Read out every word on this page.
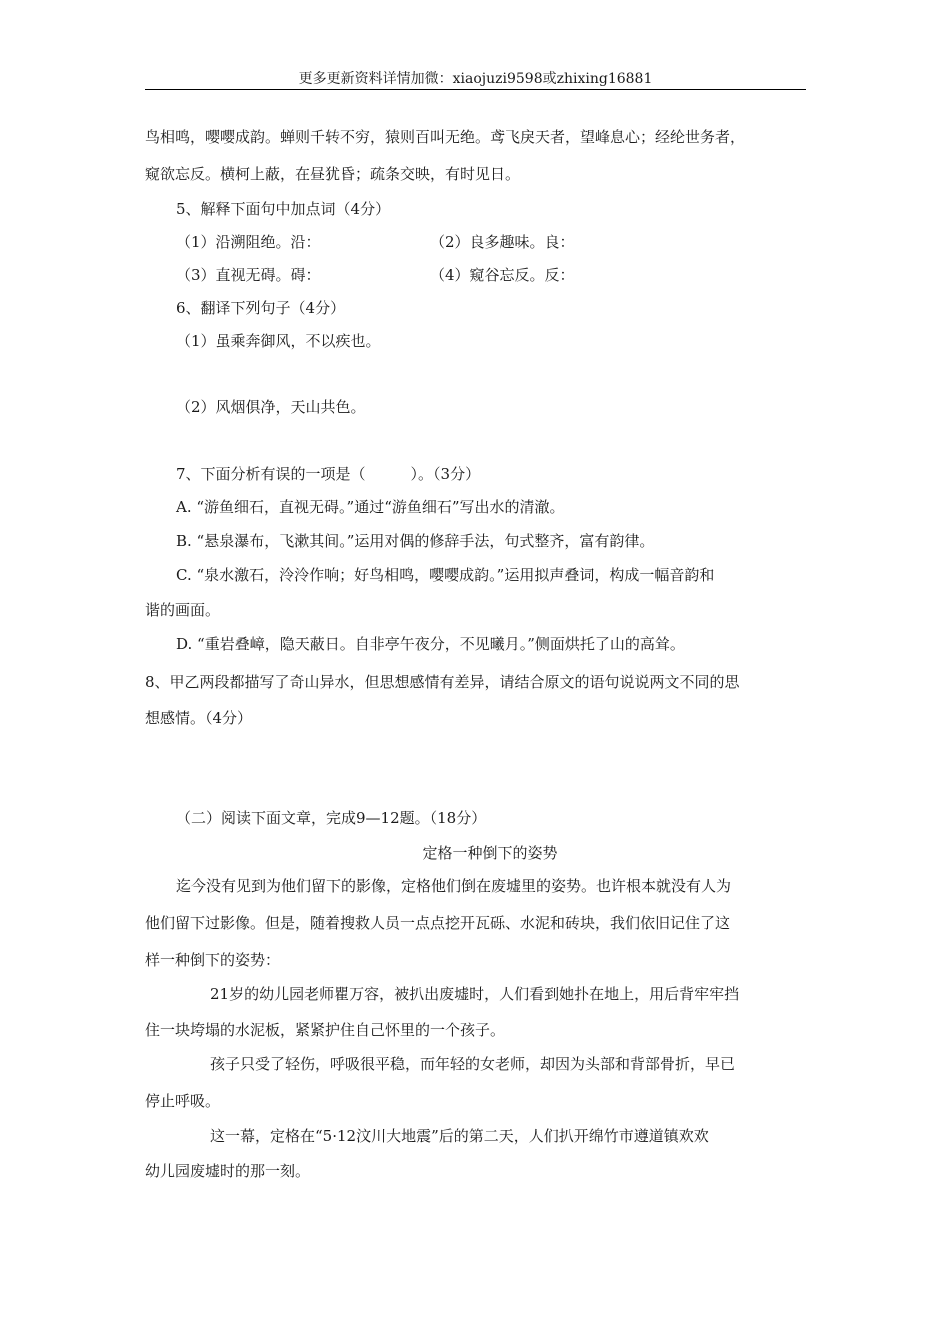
更多更新资料详情加微：xiaojuzi9598或zhixing16881
鸟相鸣，嘤嘤成韵。蝉则千转不穷，猿则百叫无绝。鸢飞戾天者，望峰息心；经纶世务者，
窥欲忘反。横柯上蔽，在昼犹昏；疏条交映，有时见日。
5、解释下面句中加点词（4分）
（1）沿溯阻绝。沿：	（2）良多趣味。良：
（3）直视无碍。碍：	（4）窥谷忘反。反：
6、翻译下列句子（4分）
（1）虽乘奔御风，不以疾也。
（2）风烟俱净，天山共色。
7、下面分析有误的一项是（　　　）。（3分）
A. “游鱼细石，直视无碍。”通过“游鱼细石”写出水的清澈。
B. “悬泉瀑布，飞漱其间。”运用对偶的修辞手法，句式整齐，富有韵律。
C. “泉水激石，泠泠作响；好鸟相鸣，嘤嘤成韵。”运用拟声叠词，构成一幅音韵和
谐的画面。
D. “重岩叠嶂，隐天蔽日。自非亭午夜分，不见曦月。”侧面烘托了山的高耸。
8、甲乙两段都描写了奇山异水，但思想感情有差异，请结合原文的语句说说两文不同的思
想感情。（4分）
（二）阅读下面文章，完成9—12题。（18分）
定格一种倒下的姿势
迄今没有见到为他们留下的影像，定格他们倒在废墟里的姿势。也许根本就没有人为
他们留下过影像。但是，随着搜救人员一点点挖开瓦砾、水泥和砖块，我们依旧记住了这
样一种倒下的姿势：
21岁的幼儿园老师瞿万容，被扒出废墟时，人们看到她扑在地上，用后背牢牢挡
住一块垮塌的水泥板，紧紧护住自己怀里的一个孩子。
孩子只受了轻伤，呼吸很平稳，而年轻的女老师，却因为头部和背部骨折，早已
停止呼吸。
这一幕，定格在“5·12汶川大地震”后的第二天，人们扒开绵竹市遵道镇欢欢
幼儿园废墟时的那一刻。
